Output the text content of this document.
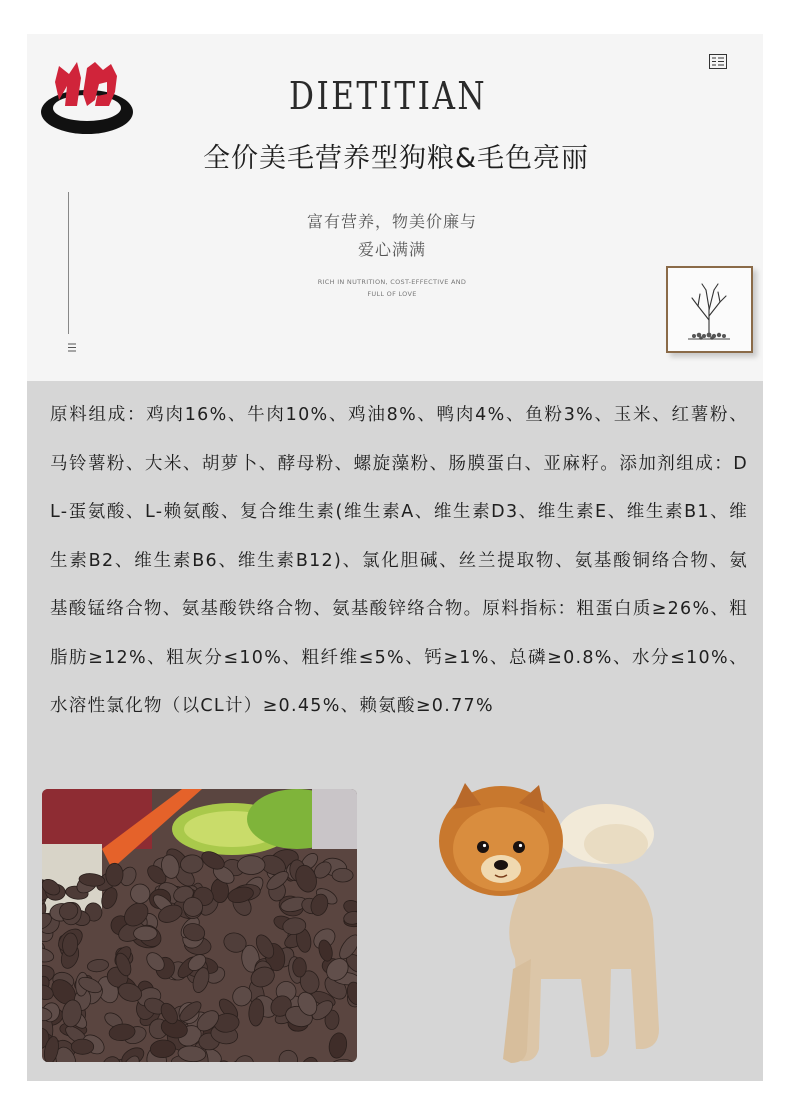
DIETITIAN
全价美毛营养型狗粮&毛色亮丽
富有营养，物美价廉与
爱心满满
RICH IN NUTRITION, COST-EFFECTIVE AND
FULL OF LOVE
原料组成：鸡肉16%、牛肉10%、鸡油8%、鸭肉4%、鱼粉3%、玉米、红薯粉、马铃薯粉、大米、胡萝卜、酵母粉、螺旋藻粉、肠膜蛋白、亚麻籽。添加剂组成：DL-蛋氨酸、L-赖氨酸、复合维生素(维生素A、维生素D3、维生素E、维生素B1、维生素B2、维生素B6、维生素B12)、氯化胆碱、丝兰提取物、氨基酸铜络合物、氨基酸锰络合物、氨基酸铁络合物、氨基酸锌络合物。原料指标：粗蛋白质≥26%、粗脂肪≥12%、粗灰分≤10%、粗纤维≤5%、钙≥1%、总磷≥0.8%、水分≤10%、水溶性氯化物（以CL计）≥0.45%、赖氨酸≥0.77%
